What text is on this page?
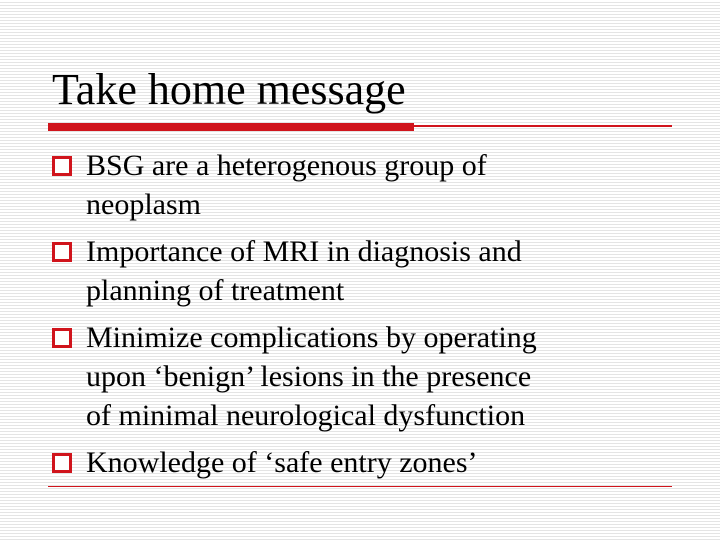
Take home message
BSG are a heterogenous group of
neoplasm
Importance of MRI in diagnosis and
planning of treatment
Minimize complications by operating
upon ‘benign’ lesions in the presence
of minimal neurological dysfunction
Knowledge of ‘safe entry zones’
